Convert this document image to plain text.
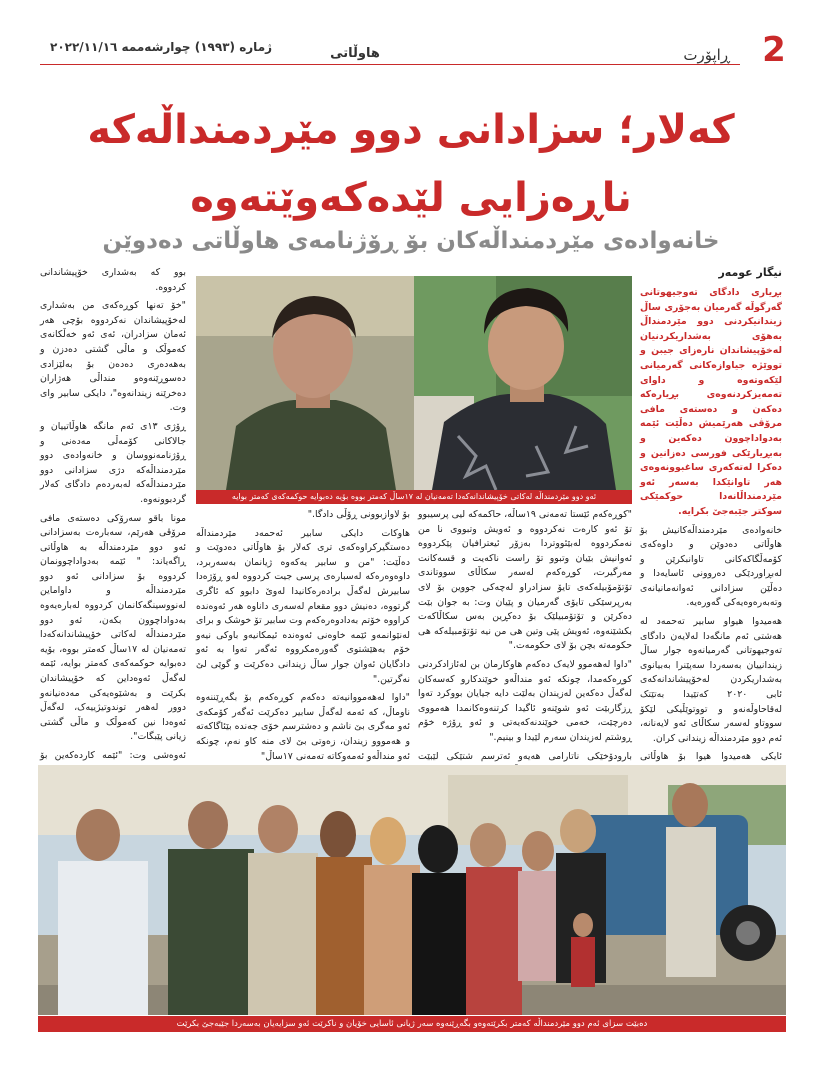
2
ڕاپۆرت
هاوڵاتی
ژمارە (١٩٩٣) چوارشەممە ٢٠٢٢/١١/١٦
کەلار؛ سزادانی دوو مێردمنداڵەکە ناڕەزایی لێدەکەوێتەوە
خانەوادەی مێردمنداڵەکان بۆ ڕۆژنامەی هاوڵاتی دەدوێن
نیگار عومەر

بڕیاری دادگای تەوجیهوتانی گەرگوڵە گەرمیان بەجۆری ساڵ زیندانیکردنی دوو مێردمنداڵ بەهۆی بەشداریکردنیان لەخۆپیشاندان نارەزای جیبن و تووێژە جیاوازەکانی گەرمیانی لێکەوتەوە و داوای تەمەیزکردنەوەی بڕیارەکە دەکەن و دەستەی مافی مرۆڤی هەرێمیش دەڵێت ئێمە بەدواداچوون دەکەین و بەبڕیارێکی فورسی دەزانین و دەکرا لەتەکەری ساغبوونەوەی هەر تاوانێکدا بەسەر ئەو مێردمنداڵانەدا حوکمێکی سوکتر جێبەجێ بکرایە.

خانەوادەی مێردمنداڵەکانیش بۆ هاوڵاتی دەدوێن و داوەکەی کۆمەڵگاکەکانی تاوانبکرێن و لەبڕاوردێکی دەروونی ئاسایەدا و دەڵێن سزادانی ئەوانەمانیانەی وتەبەرەوەیەکی گەورەیە.

هەمیدوا هیواو سابیر تەحمەد لە هەشتی ئەم مانگەدا لەلایەن دادگای تەوجیهوتانی گەرمیانەوە جوار ساڵ زیندانییان بەسەردا سەپێنرا بەبیانوی بەشداریکردن لەخۆپیشاندانەکەی ئابی ٢٠٢٠ کەتێیدا بەتێتک لەقاحاوڵەنەو و تووتوێڵیکی لێکۆ سووتاو لەسەر سکاڵای ئەو لایەنانە، ئەم دوو مێردمنداڵە زیندانی کران.

ئایکی هەمیدوا هیوا بۆ هاوڵاتی

بوو کە بەشداری خۆپیشاندانی کردووە.

"خۆ تەنها کوڕەکەی من بەشداری لەخۆپیشاندان نەکردووە بۆچی هەر ئەمان سزادران، ئەی ئەو خەڵکانەی کەموڵک و ماڵی گشتی دەدزن و بەهەدەری دەدەن بۆ بەلێزادی دەسوڕێنەوەو منداڵی هەژاران دەخرێنە زیندانەوە"، دایکی سابیر وای وت.

ڕۆژی ١٣ی ئەم مانگە هاوڵاتییان و جالاکانی کۆمەڵی مەدەنی و ڕۆژنامەنووسان و خانەوادەی دوو مێردمنداڵەکە دژی سزادانی دوو مێردمنداڵەکە لەبەردەم دادگای کەلار گردبوونەوە.

مونا باقو سەرۆکی دەستەی مافی مرۆڤی هەرێم، سەبارەت بەسزادانی ئەو دوو مێردمنداڵە بە هاوڵاتی ڕاگەیاند: " ئێمە بەدواداچوونمان کردووە بۆ سزادانی ئەو دوو مێردمنداڵە و داواماین لەنووسینگەکانمان کردووە لەبارەیەوە بەدواداچوون بکەن، ئەو دوو مێردمنداڵە لەکاتی خۆپیشاندانەکەدا تەمەنیان لە ١٧ساڵ کەمتر بووە، بۆیە دەبوایە حوکمەکەی کەمتر بوایە، ئێمە لەگەڵ ئەوەداین کە خۆپیشاندان بکرێت و بەشێوەیەکی مەدەنیانەو دوور لەهەر توندوتیژییەک، لەگەڵ ئەوەدا نین کەموڵک و ماڵی گشتی زیانی پێبگات".

ئەوەشی وت: "ئێمە کاردەکەین بۆ

"کوڕەکەم ئێستا تەمەنی ١٩ساڵە، حاکمەکە لیی پرسیبوو تۆ ئەو کارەت نەکردووە و ئەویش وتبووی نا من نەمکردووە لەبێئووتردا بەزۆر ئیعترافیان پێکردووە ئەوانیش بێیان وتبوو تۆ راست ناکەیت و قسەکانت مەرگیرت، کوڕەکەم لەسەر سکاڵای سووتاندی تۆتۆمۆبیلەکەی تایۆ سزادراو لەچەکی جووین بۆ لای بەرپرسێکی تایۆی گەرمیان و پێیان وت: بە جوان بێت دەکرێن و تۆتۆمبیلێک بۆ دەکڕین بەس سکاڵاکەت بکشێنەوە، ئەویش پێی وتین هی من نیە تۆتۆمبیلەکە هی حکومەتە بچن بۆ لای حکومەت."

"داوا لەهەموو لایەک دەکەم هاوکارمان بن لەئازادکردنی کوڕەکەمدا، چونکە ئەو منداڵەو خوێندکارو کەسەکان لەگەڵ دەکەین لەزیندان بەلێت دایە جیایان بووکرد تەوا ڕزگاربێت ئەو شوێنەو ئاگیدا کرتنەوەکانمدا هەمووی دەرچێت، خەمی خوێندنەکەیەتی و ئەو ڕۆژە خۆم ڕوشتم لەزیندان سەرم لێیدا و بینیم."

بارودۆخێکی ناتارامی هەیەو ئەترسم شتێکی لێبێت

بۆ لاوازبوونی ڕۆڵی دادگا."

هاوکات دایکی سابیر ئەحمەد مێردمنداڵە دەستگیرکراوەکەی تری کەلار بۆ هاوڵاتی دەدوێت و دەڵێت: "من و سابیر یەکەوە ژیانمان بەسەربرد، داوەوەرەکە لەسبارەی پرسی جیت کردووە لەو ڕۆژەدا سابیرش لەگەڵ برادەرەکانیدا لەوێ دابوو کە ئاگری گرتووە، دەنیش دوو مقعام لەسەری داناوە هەر ئەوەندە کراووە خۆتم بەدادوەرەکەم وت سابیر تۆ خوشک و برای لەنێوانمەو ئێمە خاوەنی ئەوەندە ئیمکانیەو باوکی نیەو خۆم بەهێشتوی گەورەمکرووە ئەگەر تەوا بە ئەو دادگایان ئەوان جوار ساڵ زیندانی دەکرێت و گوێی لێ نەگرتین."

"داوا لەهەمووانیەتە دەکەم کوڕەکەم بۆ بگەڕێننەوە ناوماڵ، کە ئەمە لەگەڵ سابیر دەکرێت ئەگەر کۆمکەی ئەو مەگری بێ ناشم و دەشترسم خۆی جەندە بێئاگاکەتە و هەمووو زیندان، زەوتی بێ لای منە کاو نەم، چونکە ئەو منداڵەو ئەمەوکاتە تەمەنی ١٧ساڵ"

ئەو دوو مێردمنداڵە لەکاتی خۆپیشاندانەکەدا تەمەنیان لە ١٧ساڵ کەمتر بووە بۆیە دەبوایە حوکمەکەی کەمتر بوایە
دەبێت سزای ئەم دوو مێردمنداڵە کەمتر بکرێتەوەو بگەڕێنەوە سەر ژیانی ئاسایی خۆیان و ناکرێت ئەو سزایەیان بەسەردا جێبەجێ بکرێت
